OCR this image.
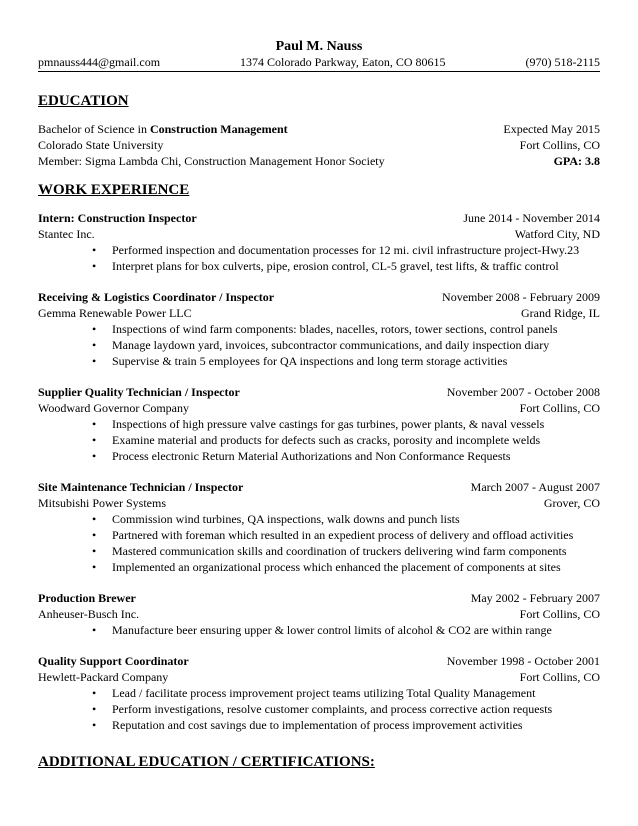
Paul M. Nauss
pmnauss444@gmail.com	1374 Colorado Parkway, Eaton, CO 80615	(970) 518-2115
EDUCATION
Bachelor of Science in Construction Management	Expected May 2015
Colorado State University	Fort Collins, CO
Member: Sigma Lambda Chi, Construction Management Honor Society	GPA: 3.8
WORK EXPERIENCE
Intern: Construction Inspector	June 2014 - November 2014
Stantec Inc.	Watford City, ND
• Performed inspection and documentation processes for 12 mi. civil infrastructure project-Hwy.23
• Interpret plans for box culverts, pipe, erosion control, CL-5 gravel, test lifts, & traffic control
Receiving & Logistics Coordinator / Inspector	November 2008 - February 2009
Gemma Renewable Power LLC	Grand Ridge, IL
• Inspections of wind farm components: blades, nacelles, rotors, tower sections, control panels
• Manage laydown yard, invoices, subcontractor communications, and daily inspection diary
• Supervise & train 5 employees for QA inspections and long term storage activities
Supplier Quality Technician / Inspector	November 2007 - October 2008
Woodward Governor Company	Fort Collins, CO
• Inspections of high pressure valve castings for gas turbines, power plants, & naval vessels
• Examine material and products for defects such as cracks, porosity and incomplete welds
• Process electronic Return Material Authorizations and Non Conformance Requests
Site Maintenance Technician / Inspector	March 2007 - August 2007
Mitsubishi Power Systems	Grover, CO
• Commission wind turbines, QA inspections, walk downs and punch lists
• Partnered with foreman which resulted in an expedient process of delivery and offload activities
• Mastered communication skills and coordination of truckers delivering wind farm components
• Implemented an organizational process which enhanced the placement of components at sites
Production Brewer	May 2002 - February 2007
Anheuser-Busch Inc.	Fort Collins, CO
• Manufacture beer ensuring upper & lower control limits of alcohol & CO2 are within range
Quality Support Coordinator	November 1998 - October 2001
Hewlett-Packard Company	Fort Collins, CO
• Lead / facilitate process improvement project teams utilizing Total Quality Management
• Perform investigations, resolve customer complaints, and process corrective action requests
• Reputation and cost savings due to implementation of process improvement activities
ADDITIONAL EDUCATION / CERTIFICATIONS:
